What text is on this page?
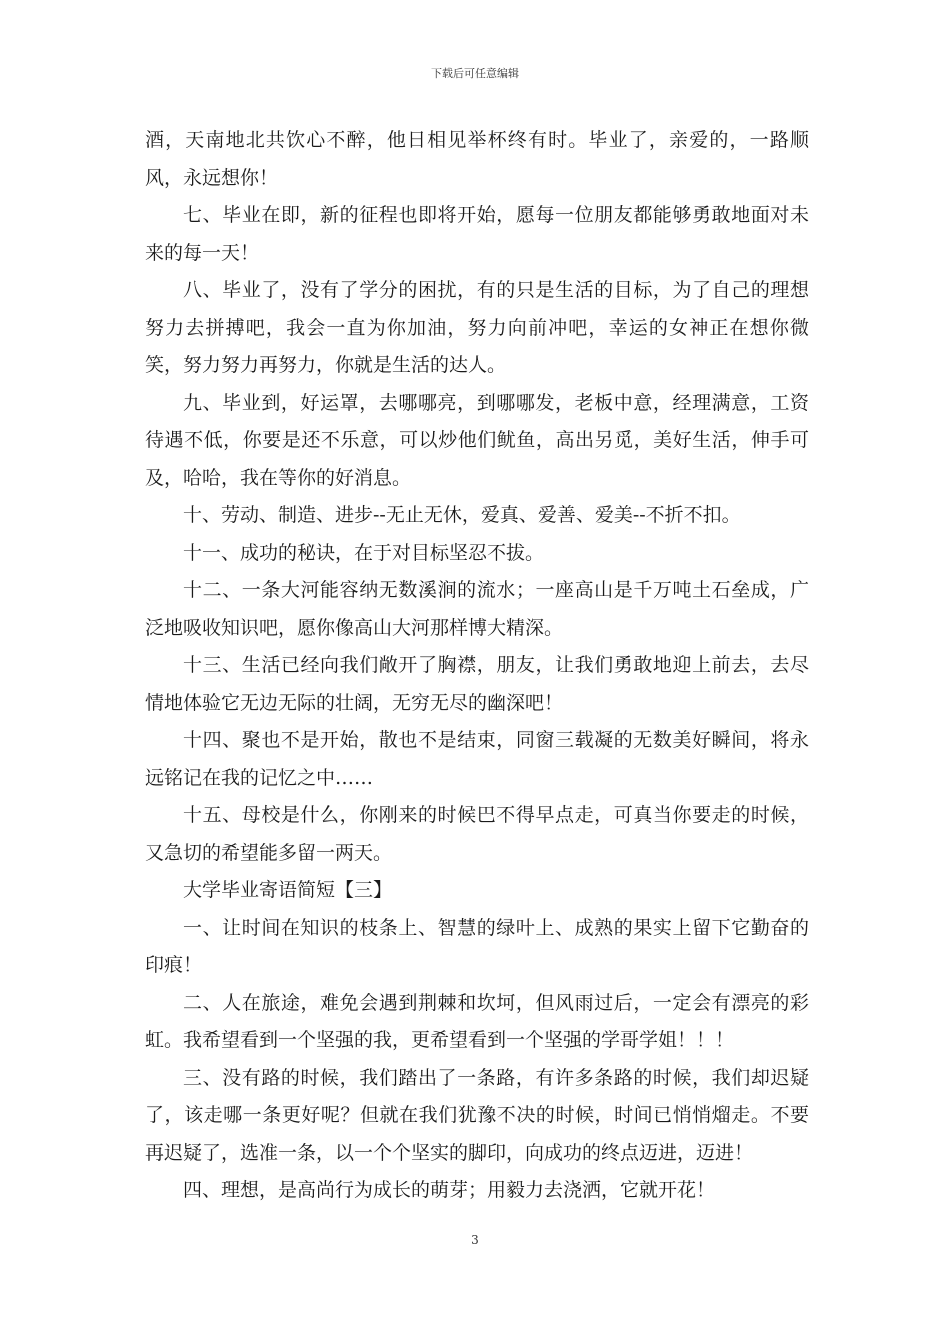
下载后可任意编辑

酒，天南地北共饮心不醉，他日相见举杯终有时。毕业了，亲爱的，一路顺风，永远想你！

七、毕业在即，新的征程也即将开始，愿每一位朋友都能够勇敢地面对未来的每一天！

八、毕业了，没有了学分的困扰，有的只是生活的目标，为了自己的理想努力去拼搏吧，我会一直为你加油，努力向前冲吧，幸运的女神正在想你微笑，努力努力再努力，你就是生活的达人。

九、毕业到，好运罩，去哪哪亮，到哪哪发，老板中意，经理满意，工资待遇不低，你要是还不乐意，可以炒他们鱿鱼，高出另觅，美好生活，伸手可及，哈哈，我在等你的好消息。

十、劳动、制造、进步--无止无休，爱真、爱善、爱美--不折不扣。

十一、成功的秘诀，在于对目标坚忍不拔。

十二、一条大河能容纳无数溪涧的流水；一座高山是千万吨土石垒成，广泛地吸收知识吧，愿你像高山大河那样博大精深。

十三、生活已经向我们敞开了胸襟，朋友，让我们勇敢地迎上前去，去尽情地体验它无边无际的壮阔，无穷无尽的幽深吧！

十四、聚也不是开始，散也不是结束，同窗三载凝的无数美好瞬间，将永远铭记在我的记忆之中……

十五、母校是什么，你刚来的时候巴不得早点走，可真当你要走的时候，又急切的希望能多留一两天。

大学毕业寄语简短【三】

一、让时间在知识的枝条上、智慧的绿叶上、成熟的果实上留下它勤奋的印痕！

二、人在旅途，难免会遇到荆棘和坎坷，但风雨过后，一定会有漂亮的彩虹。我希望看到一个坚强的我，更希望看到一个坚强的学哥学姐！！！

三、没有路的时候，我们踏出了一条路，有许多条路的时候，我们却迟疑了，该走哪一条更好呢？但就在我们犹豫不决的时候，时间已悄悄熘走。不要再迟疑了，选准一条，以一个个坚实的脚印，向成功的终点迈进，迈进！

四、理想，是高尚行为成长的萌芽；用毅力去浇洒，它就开花！

3
